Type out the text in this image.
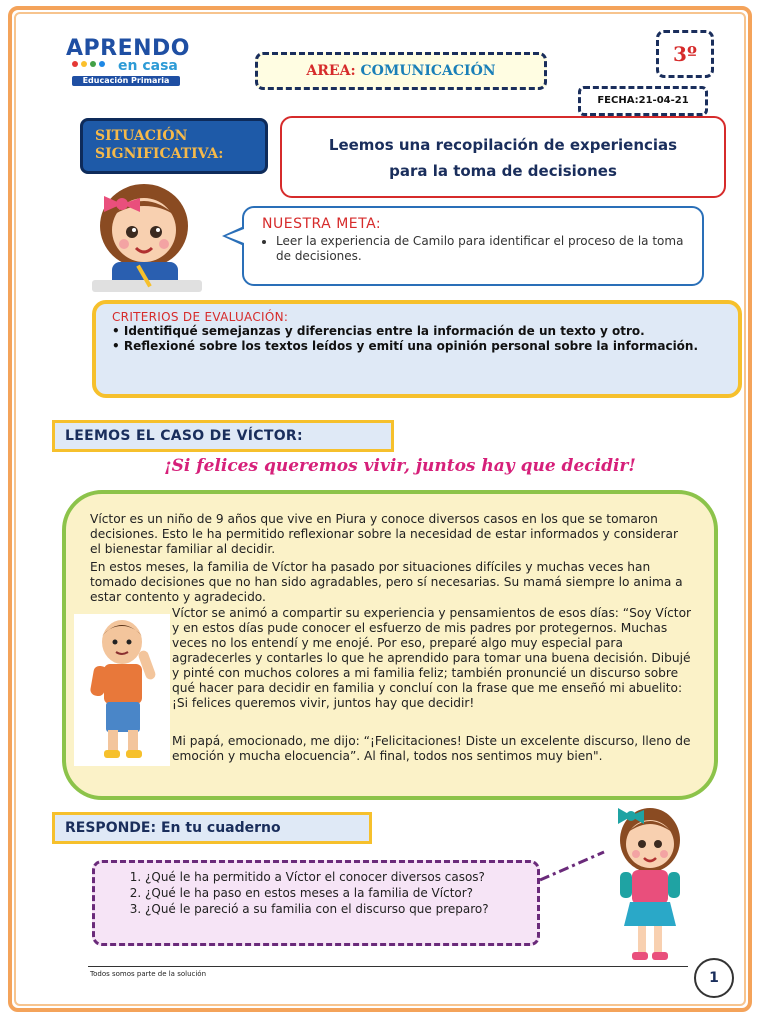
APRENDO
en casa
Educación Primaria
AREA: COMUNICACIÓN
3º
FECHA:21-04-21
SITUACIÓN
SIGNIFICATIVA:	Leemos una recopilación de experiencias
para la toma de decisiones
NUESTRA META:
• Leer la experiencia de Camilo para identificar el proceso de la toma de decisiones.
CRITERIOS DE EVALUACIÓN:

• Identifiqué semejanzas y diferencias entre la información de un texto y otro.

• Reflexioné sobre los textos leídos y emití una opinión personal sobre la información.

LEEMOS EL CASO DE VÍCTOR:
¡Si felices queremos vivir, juntos hay que decidir!

Víctor es un niño de 9 años que vive en Piura y conoce diversos casos en los que se tomaron decisiones. Esto le ha permitido reflexionar sobre la necesidad de estar informados y considerar el bienestar familiar al decidir.

En estos meses, la familia de Víctor ha pasado por situaciones difíciles y muchas veces han tomado decisiones que no han sido agradables, pero sí necesarias. Su mamá siempre lo anima a estar contento y agradecido.

Víctor se animó a compartir su experiencia y pensamientos de esos días: “Soy Víctor y en estos días pude conocer el esfuerzo de mis padres por protegernos. Muchas veces no los entendí y me enojé. Por eso, preparé algo muy especial para agradecerles y contarles lo que he aprendido para tomar una buena decisión. Dibujé y pinté con muchos colores a mi familia feliz; también pronuncié un discurso sobre qué hacer para decidir en familia y concluí con la frase que me enseñó mi abuelito: ¡Si felices queremos vivir, juntos hay que decidir!

Mi papá, emocionado, me dijo: “¡Felicitaciones! Diste un excelente discurso, lleno de emoción y mucha elocuencia”. Al final, todos nos sentimos muy bien".

RESPONDE: En tu cuaderno
1. ¿Qué le ha permitido a Víctor el conocer diversos casos?
2. ¿Qué le ha paso en estos meses a la familia de Víctor?
3. ¿Qué le pareció a su familia con el discurso que preparo?
Todos somos parte de la solución	1
